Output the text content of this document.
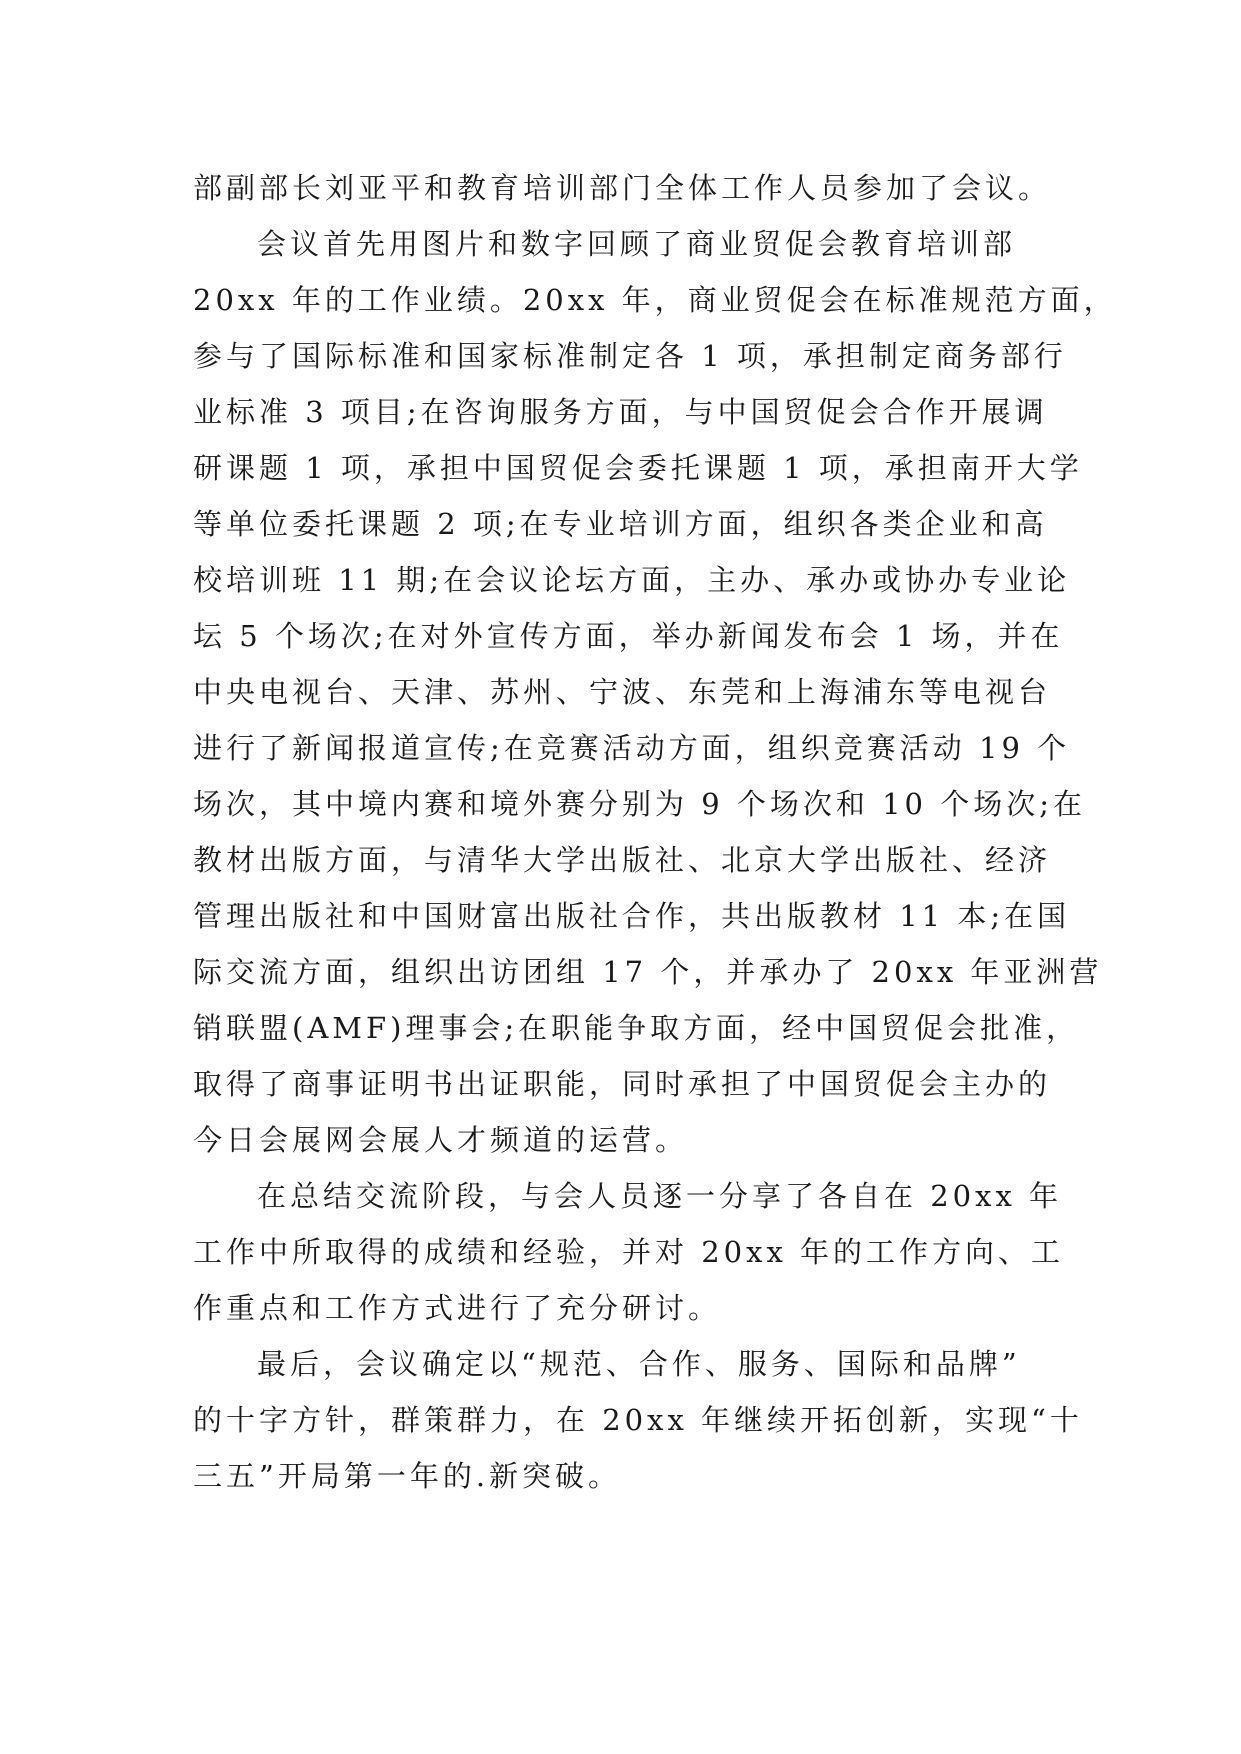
部副部长刘亚平和教育培训部门全体工作人员参加了会议。

会议首先用图片和数字回顾了商业贸促会教育培训部
20xx 年的工作业绩。20xx 年，商业贸促会在标准规范方面，
参与了国际标准和国家标准制定各 1 项，承担制定商务部行
业标准 3 项目;在咨询服务方面，与中国贸促会合作开展调
研课题 1 项，承担中国贸促会委托课题 1 项，承担南开大学
等单位委托课题 2 项;在专业培训方面，组织各类企业和高
校培训班 11 期;在会议论坛方面，主办、承办或协办专业论
坛 5 个场次;在对外宣传方面，举办新闻发布会 1 场，并在
中央电视台、天津、苏州、宁波、东莞和上海浦东等电视台
进行了新闻报道宣传;在竞赛活动方面，组织竞赛活动 19 个
场次，其中境内赛和境外赛分别为 9 个场次和 10 个场次;在
教材出版方面，与清华大学出版社、北京大学出版社、经济
管理出版社和中国财富出版社合作，共出版教材 11 本;在国
际交流方面，组织出访团组 17 个，并承办了 20xx 年亚洲营
销联盟(AMF)理事会;在职能争取方面，经中国贸促会批准，
取得了商事证明书出证职能，同时承担了中国贸促会主办的
今日会展网会展人才频道的运营。

在总结交流阶段，与会人员逐一分享了各自在 20xx 年
工作中所取得的成绩和经验，并对 20xx 年的工作方向、工
作重点和工作方式进行了充分研讨。

最后，会议确定以“规范、合作、服务、国际和品牌”
的十字方针，群策群力，在 20xx 年继续开拓创新，实现“十
三五”开局第一年的.新突破。
